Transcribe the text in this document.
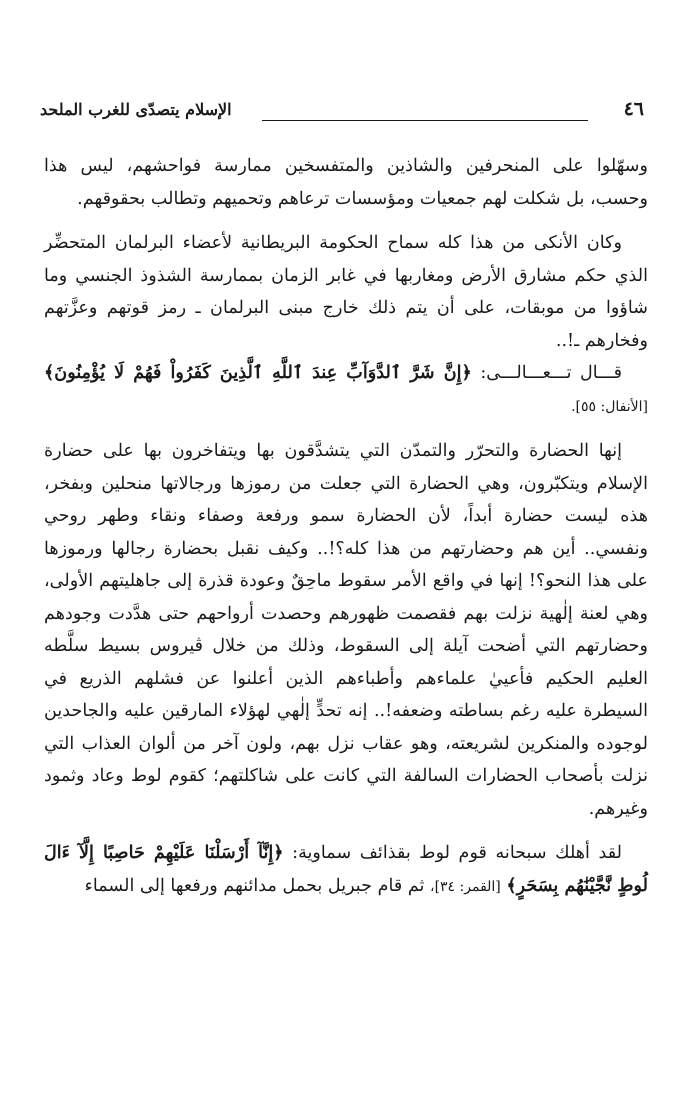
٤٦
الإسلام يتصدّى للغرب الملحد

وسهّلوا على المنحرفين والشاذين والمتفسخين ممارسة فواحشهم، ليس هذا وحسب، بل شكلت لهم جمعيات ومؤسسات ترعاهم وتحميهم وتطالب بحقوقهم.

وكان الأنكى من هذا كله سماح الحكومة البريطانية لأعضاء البرلمان المتحضِّر الذي حكم مشارق الأرض ومغاربها في غابر الزمان بممارسة الشذوذ الجنسي وما شاؤوا من موبقات، على أن يتم ذلك خارج مبنى البرلمان ـ رمز قوتهم وعزَّتهم وفخارهم ـ!..

قـــال تـــعـــالـــى: ﴿إِنَّ شَرَّ ٱلدَّوَآبِّ عِندَ ٱللَّهِ ٱلَّذِينَ كَفَرُواْ فَهُمْ لَا يُؤْمِنُونَ﴾ [الأنفال: ٥٥].

إنها الحضارة والتحرّر والتمدّن التي يتشدَّقون بها ويتفاخرون بها على حضارة الإسلام ويتكبّرون، وهي الحضارة التي جعلت من رموزها ورجالاتها منحلين وبفخر، هذه ليست حضارة أبداً، لأن الحضارة سمو ورفعة وصفاء ونقاء وطهر روحي ونفسي.. أين هم وحضارتهم من هذا كله؟!.. وكيف نقبل بحضارة رجالها ورموزها على هذا النحو؟! إنها في واقع الأمر سقوط ماحِقٌ وعودة قذرة إلى جاهليتهم الأولى، وهي لعنة إلٰهية نزلت بهم فقصمت ظهورهم وحصدت أرواحهم حتى هدَّدت وجودهم وحضارتهم التي أضحت آيلة إلى السقوط، وذلك من خلال ڤيروس بسيط سلَّطه العليم الحكيم فأعييٰ علماءهم وأطباءهم الذين أعلنوا عن فشلهم الذريع في السيطرة عليه رغم بساطته وضعفه!.. إنه تحدٍّ إلٰهي لهؤلاء المارقين عليه والجاحدين لوجوده والمنكرين لشريعته، وهو عقاب نزل بهم، ولون آخر من ألوان العذاب التي نزلت بأصحاب الحضارات السالفة التي كانت على شاكلتهم؛ كقوم لوط وعاد وثمود وغيرهم.

لقد أهلك سبحانه قوم لوط بقذائف سماوية: ﴿إِنَّآ أَرْسَلْنَا عَلَيْهِمْ حَاصِبًا إِلَّآ ءَالَ لُوطٍ نَّجَّيْنَٰهُم بِسَحَرٍ﴾ [القمر: ٣٤]، ثم قام جبريل بحمل مدائنهم ورفعها إلى السماء
